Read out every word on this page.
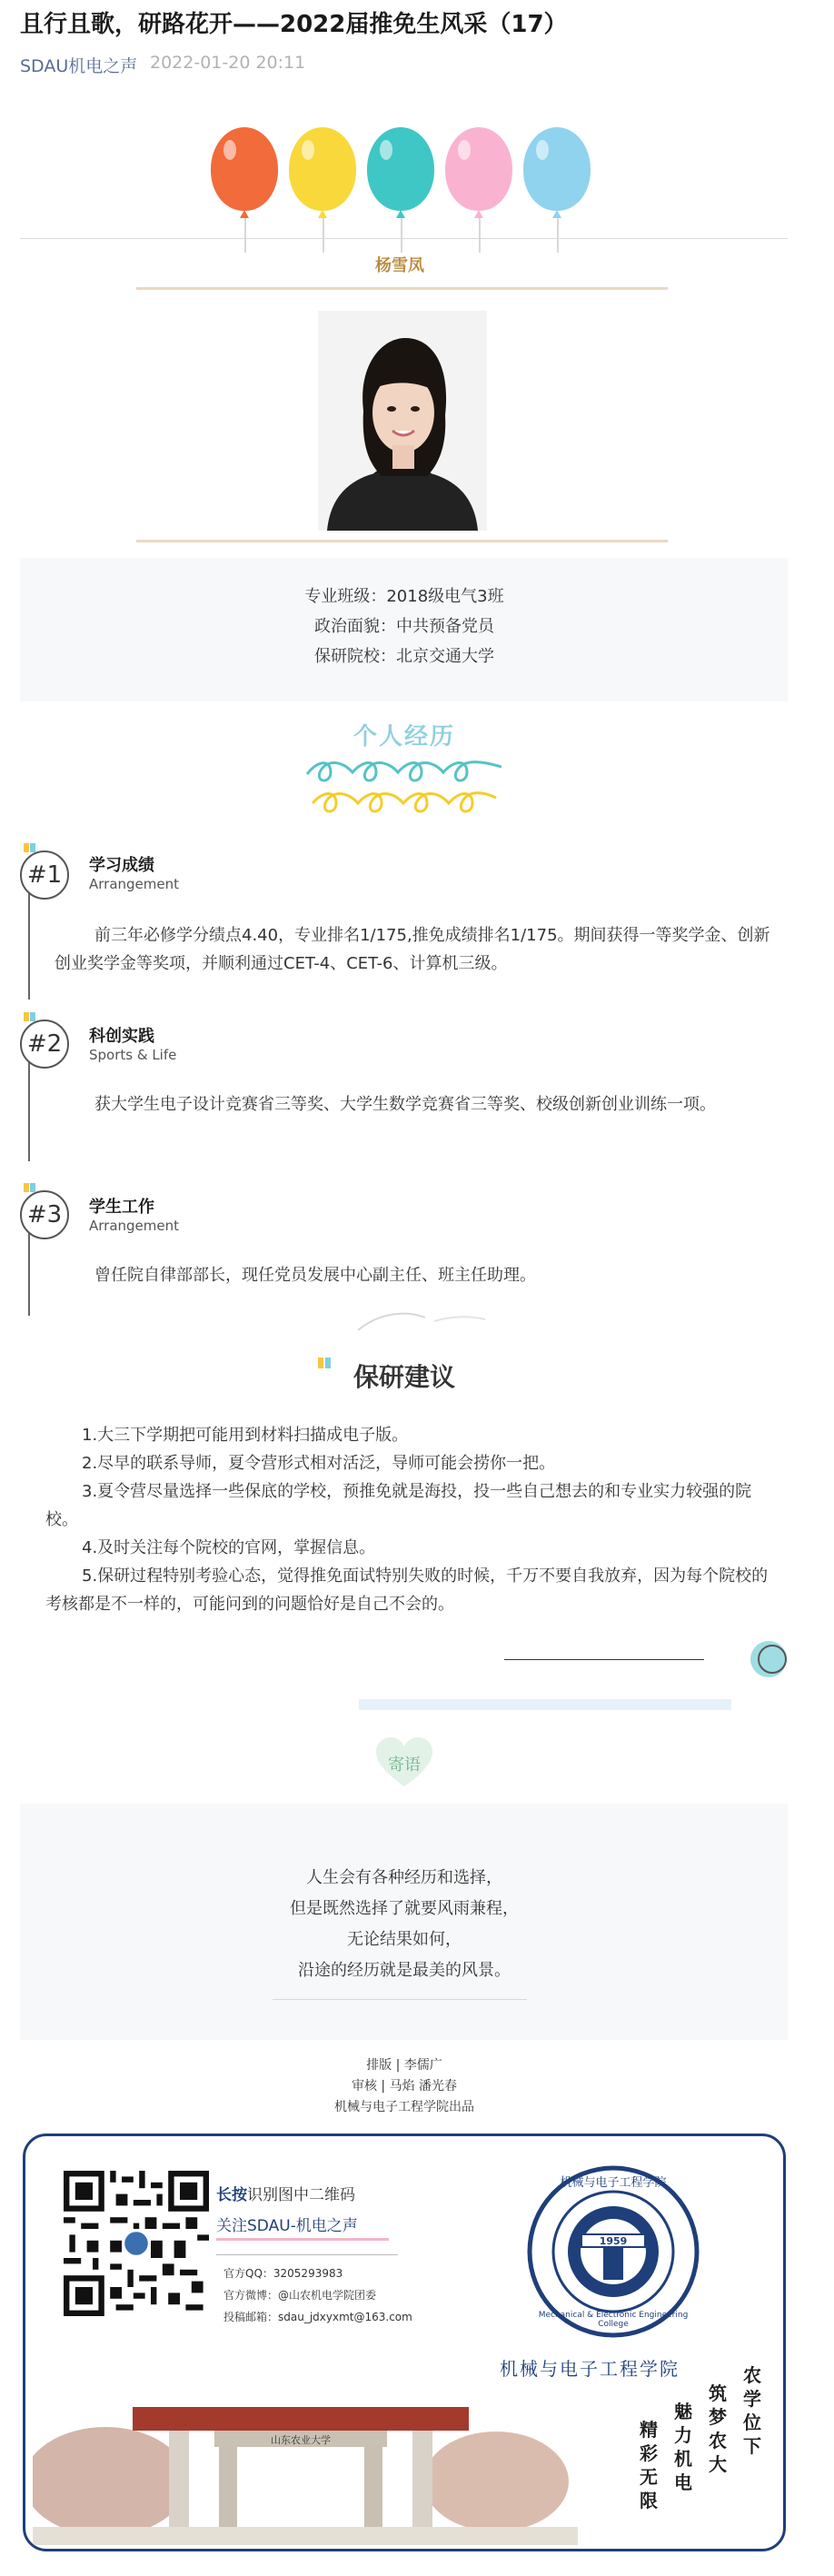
且行且歌，研路花开——2022届推免生风采（17）
SDAU机电之声 2022-01-20 20:11
杨雪凤
专业班级：2018级电气3班
政治面貌：中共预备党员
保研院校：北京交通大学
个人经历
#1	学习成绩
Arrangement
前三年必修学分绩点4.40，专业排名1/175,推免成绩排名1/175。期间获得一等奖学金、创新创业奖学金等奖项，并顺利通过CET-4、CET-6、计算机三级。
#2	科创实践
Sports & Life
获大学生电子设计竞赛省三等奖、大学生数学竞赛省三等奖、校级创新创业训练一项。
#3	学生工作
Arrangement
曾任院自律部部长，现任党员发展中心副主任、班主任助理。
保研建议
1.大三下学期把可能用到材料扫描成电子版。
2.尽早的联系导师，夏令营形式相对活泛，导师可能会捞你一把。
3.夏令营尽量选择一些保底的学校，预推免就是海投，投一些自己想去的和专业实力较强的院校。
4.及时关注每个院校的官网，掌握信息。
5.保研过程特别考验心态，觉得推免面试特别失败的时候，千万不要自我放弃，因为每个院校的考核都是不一样的，可能问到的问题恰好是自己不会的。
寄语
人生会有各种经历和选择，
但是既然选择了就要风雨兼程，
无论结果如何，
沿途的经历就是最美的风景。
排版 | 李儒广
审核 | 马焰 潘光春
机械与电子工程学院出品
长按识别图中二维码
关注SDAU-机电之声
官方QQ：3205293983
官方微博：@山农机电学院团委
投稿邮箱：sdau_jdxyxmt@163.com
机械与电子工程学院
Mechanical & Electronic Engineering College
1959
机械与电子工程学院
山东农业大学
农学位下
筑梦农大
魅力机电
精彩无限
